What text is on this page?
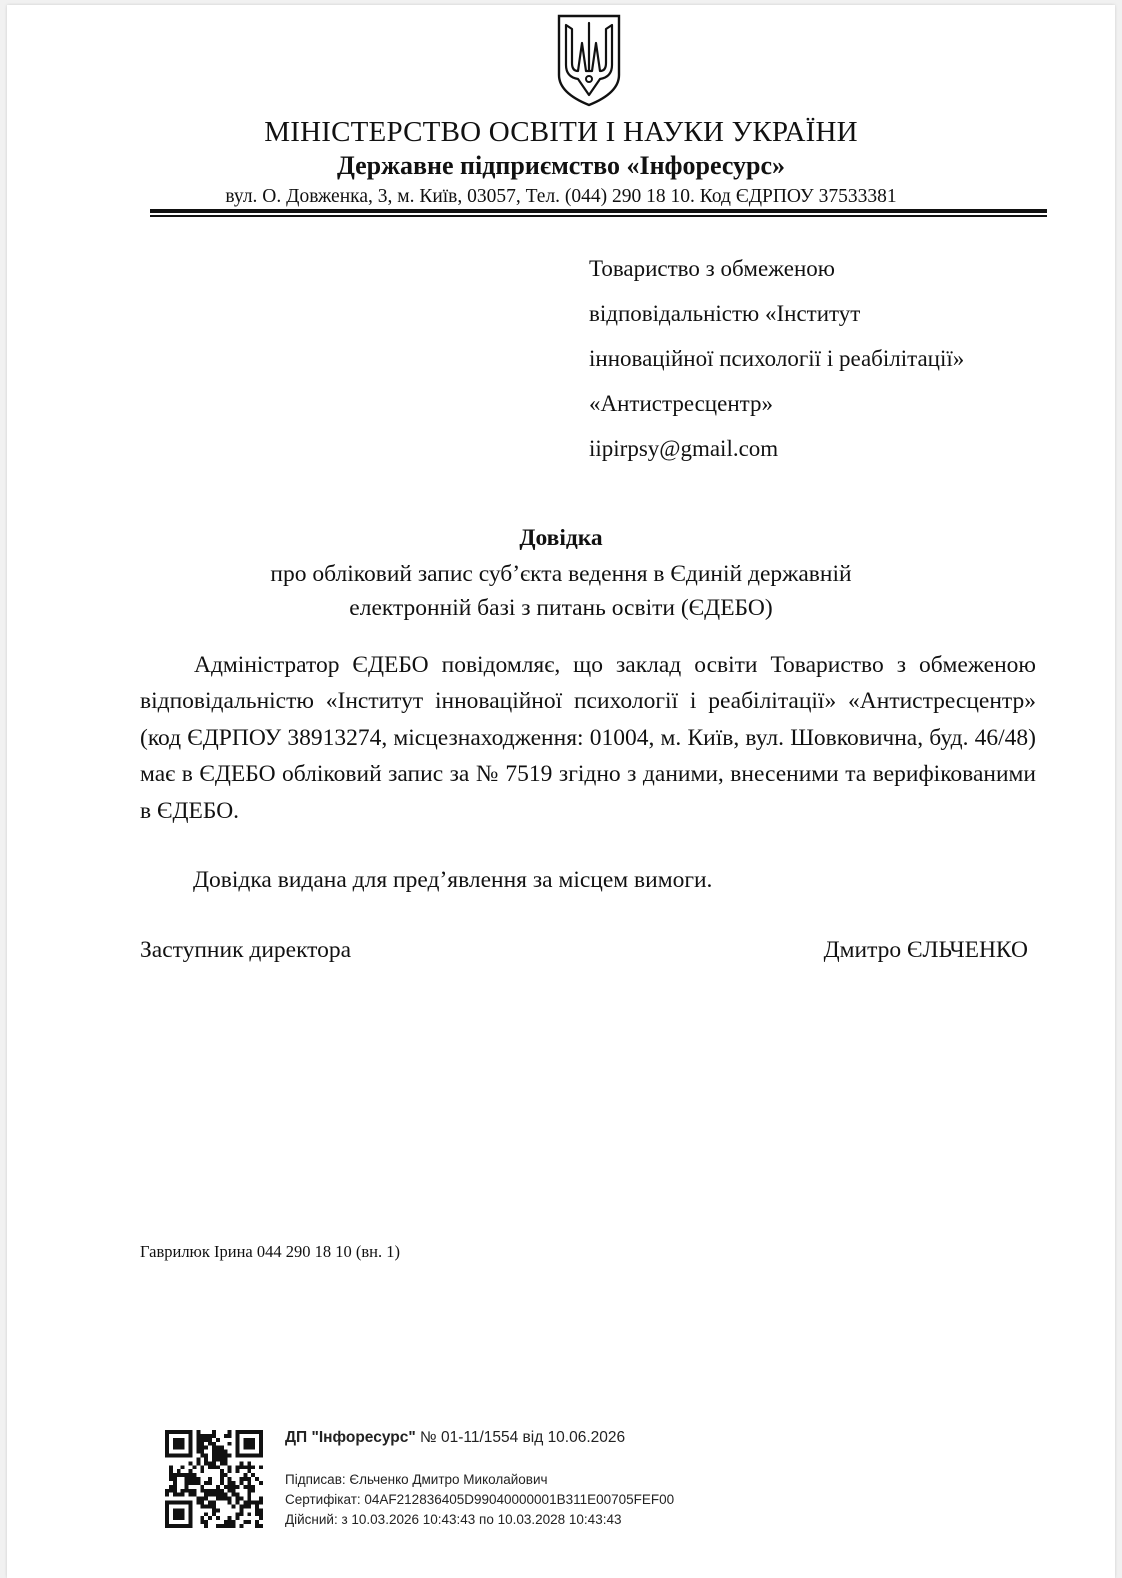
МІНІСТЕРСТВО ОСВІТИ І НАУКИ УКРАЇНИ
Державне підприємство «Інфоресурс»
вул. О. Довженка, 3, м. Київ, 03057, Тел. (044) 290 18 10. Код ЄДРПОУ 37533381
Товариство з обмеженою
відповідальністю «Інститут
інноваційної психології і реабілітації»
«Антистресцентр»
iipirpsy@gmail.com
Довідка
про обліковий запис суб’єкта ведення в Єдиній державній
електронній базі з питань освіти (ЄДЕБО)
Адміністратор ЄДЕБО повідомляє, що заклад освіти Товариство з обмеженою відповідальністю «Інститут інноваційної психології і реабілітації» «Антистресцентр» (код ЄДРПОУ 38913274, місцезнаходження: 01004, м. Київ, вул. Шовковична, буд. 46/48) має в ЄДЕБО обліковий запис за № 7519 згідно з даними, внесеними та верифікованими в ЄДЕБО.
Довідка видана для пред’явлення за місцем вимоги.
Заступник директора	Дмитро ЄЛЬЧЕНКО
Гаврилюк Ірина 044 290 18 10 (вн. 1)
ДП "Інфоресурс" № 01-11/1554 від 10.06.2026
Підписав: Єльченко Дмитро Миколайович
Сертифікат: 04AF212836405D99040000001B311E00705FEF00
Дійсний: з 10.03.2026 10:43:43 по 10.03.2028 10:43:43
